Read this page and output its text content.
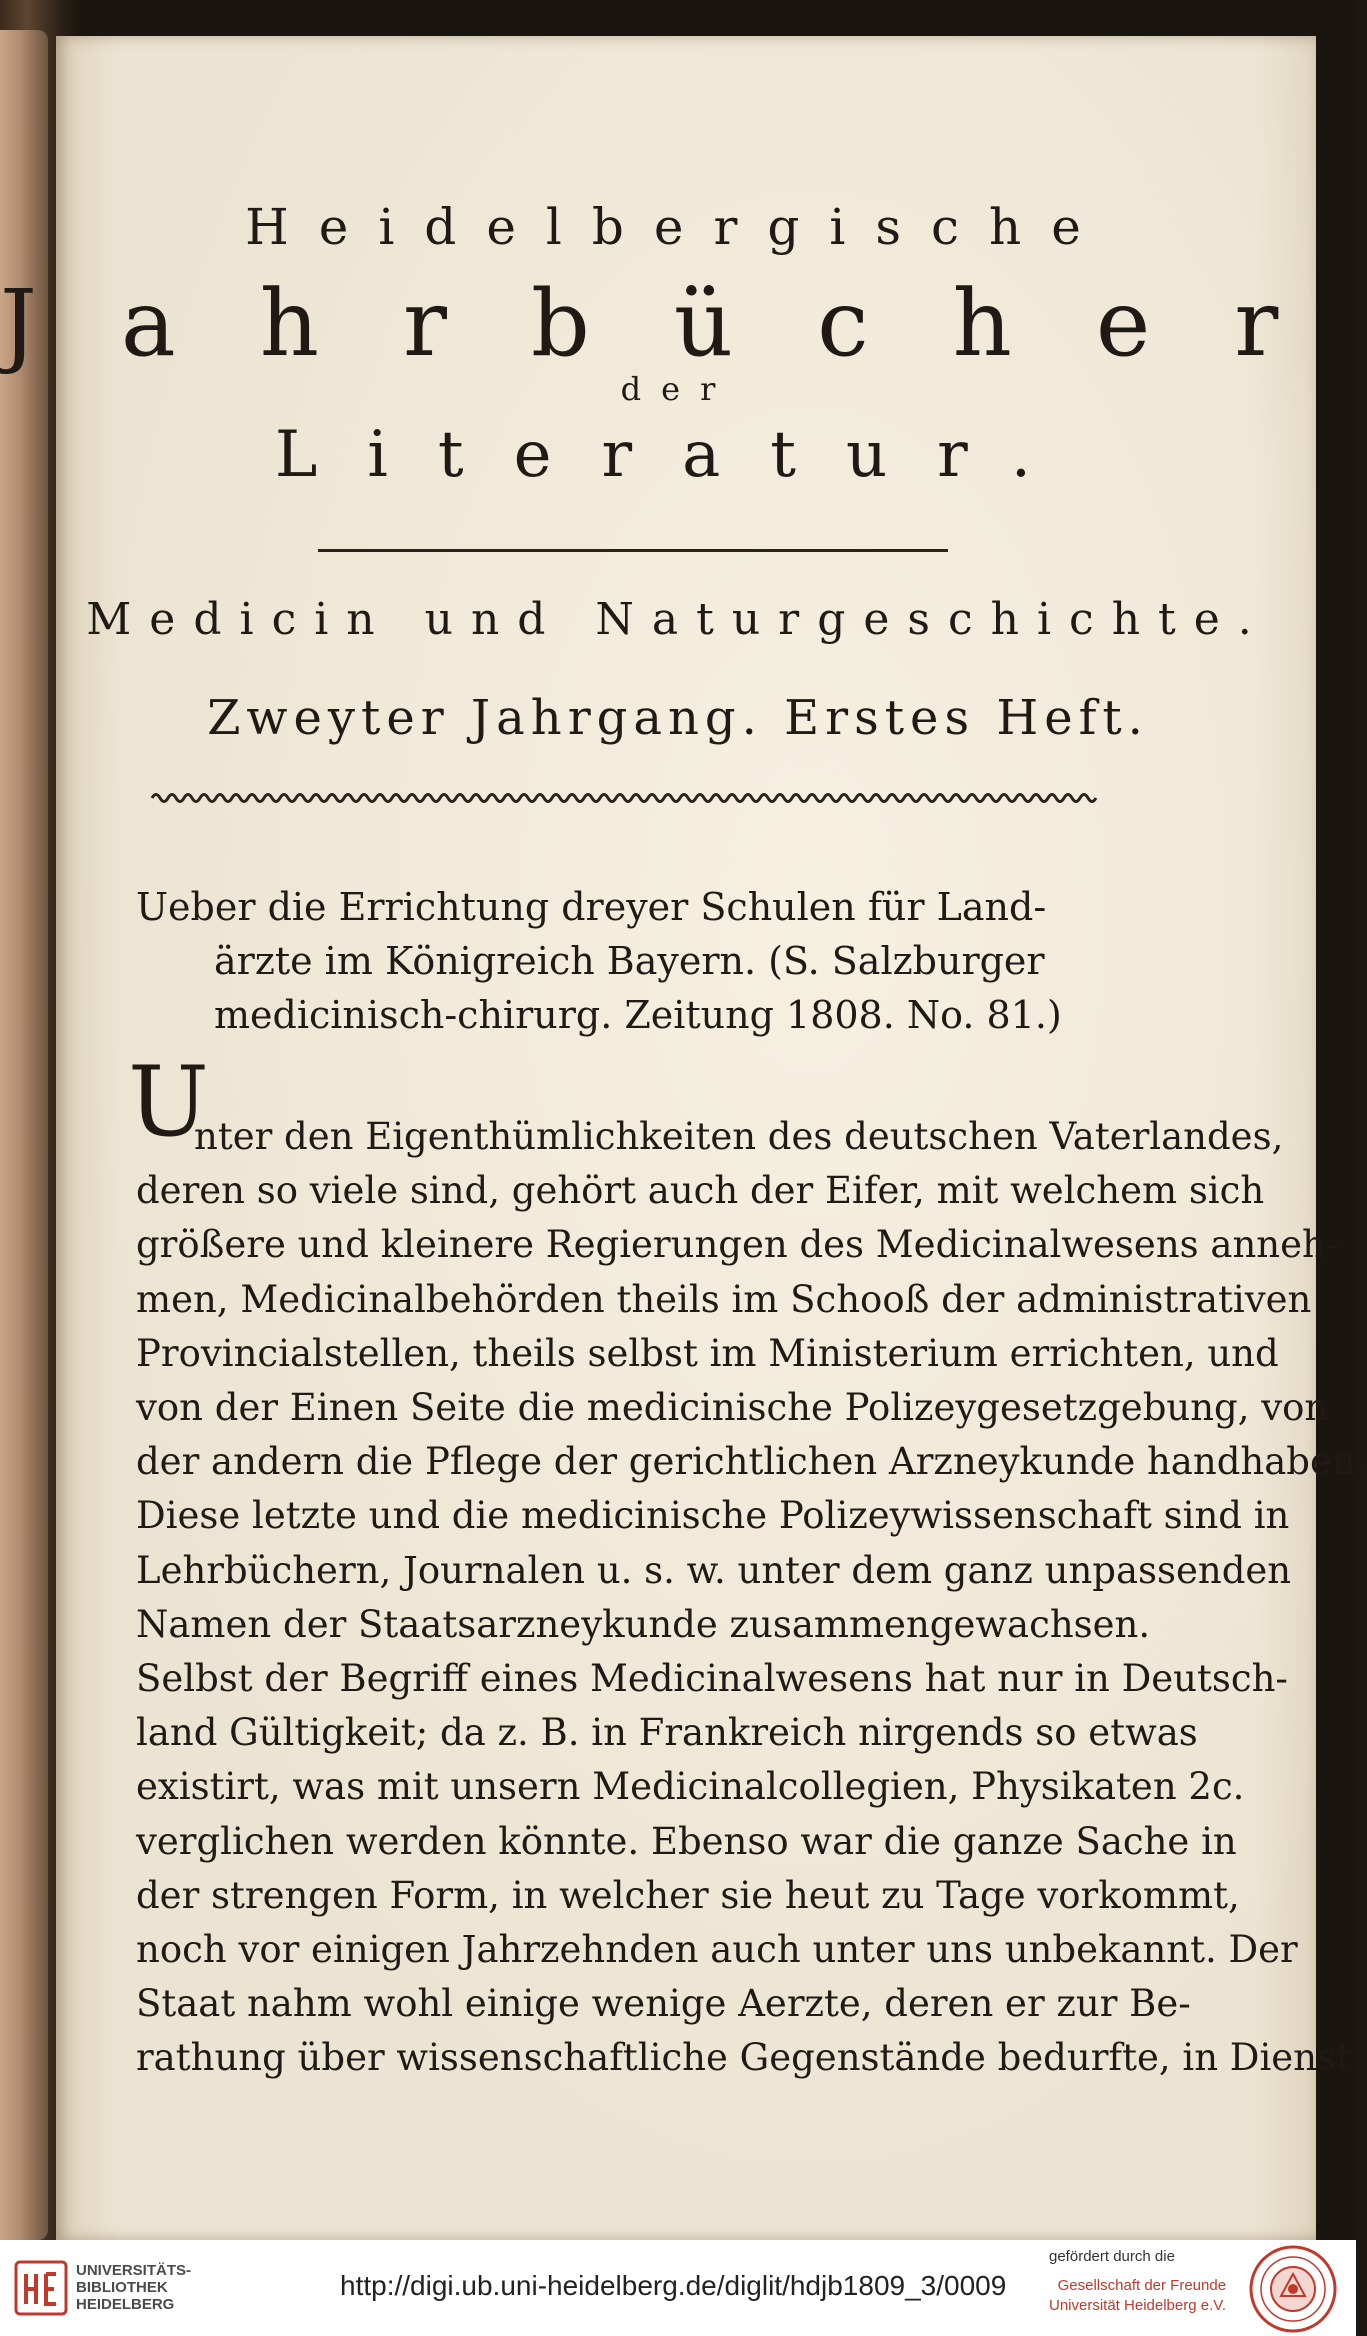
Heidelbergische
Jahrbücher
der
Literatur.
Medicin und Naturgeschichte.
Zweyter Jahrgang. Erstes Heft.
Ueber die Errichtung dreyer Schulen für Land-
ärzte im Königreich Bayern. (S. Salzburger
medicinisch-chirurg. Zeitung 1808. No. 81.)
U
nter den Eigenthümlichkeiten des deutschen Vaterlandes,
deren so viele sind, gehört auch der Eifer, mit welchem sich
größere und kleinere Regierungen des Medicinalwesens anneh-
men, Medicinalbehörden theils im Schooß der administrativen
Provincialstellen, theils selbst im Ministerium errichten, und
von der Einen Seite die medicinische Polizeygesetzgebung, von
der andern die Pflege der gerichtlichen Arzneykunde handhaben.
Diese letzte und die medicinische Polizeywissenschaft sind in
Lehrbüchern, Journalen u. s. w. unter dem ganz unpassenden
Namen der Staatsarzneykunde zusammengewachsen.
Selbst der Begriff eines Medicinalwesens hat nur in Deutsch-
land Gültigkeit; da z. B. in Frankreich nirgends so etwas
existirt, was mit unsern Medicinalcollegien, Physikaten 2c.
verglichen werden könnte. Ebenso war die ganze Sache in
der strengen Form, in welcher sie heut zu Tage vorkommt,
noch vor einigen Jahrzehnden auch unter uns unbekannt. Der
Staat nahm wohl einige wenige Aerzte, deren er zur Be-
rathung über wissenschaftliche Gegenstände bedurfte, in Dienst
UNIVERSITÄTS-
BIBLIOTHEK
HEIDELBERG
http://digi.ub.uni-heidelberg.de/diglit/hdjb1809_3/0009
gefördert durch die
Gesellschaft der Freunde
Universität Heidelberg e.V.
